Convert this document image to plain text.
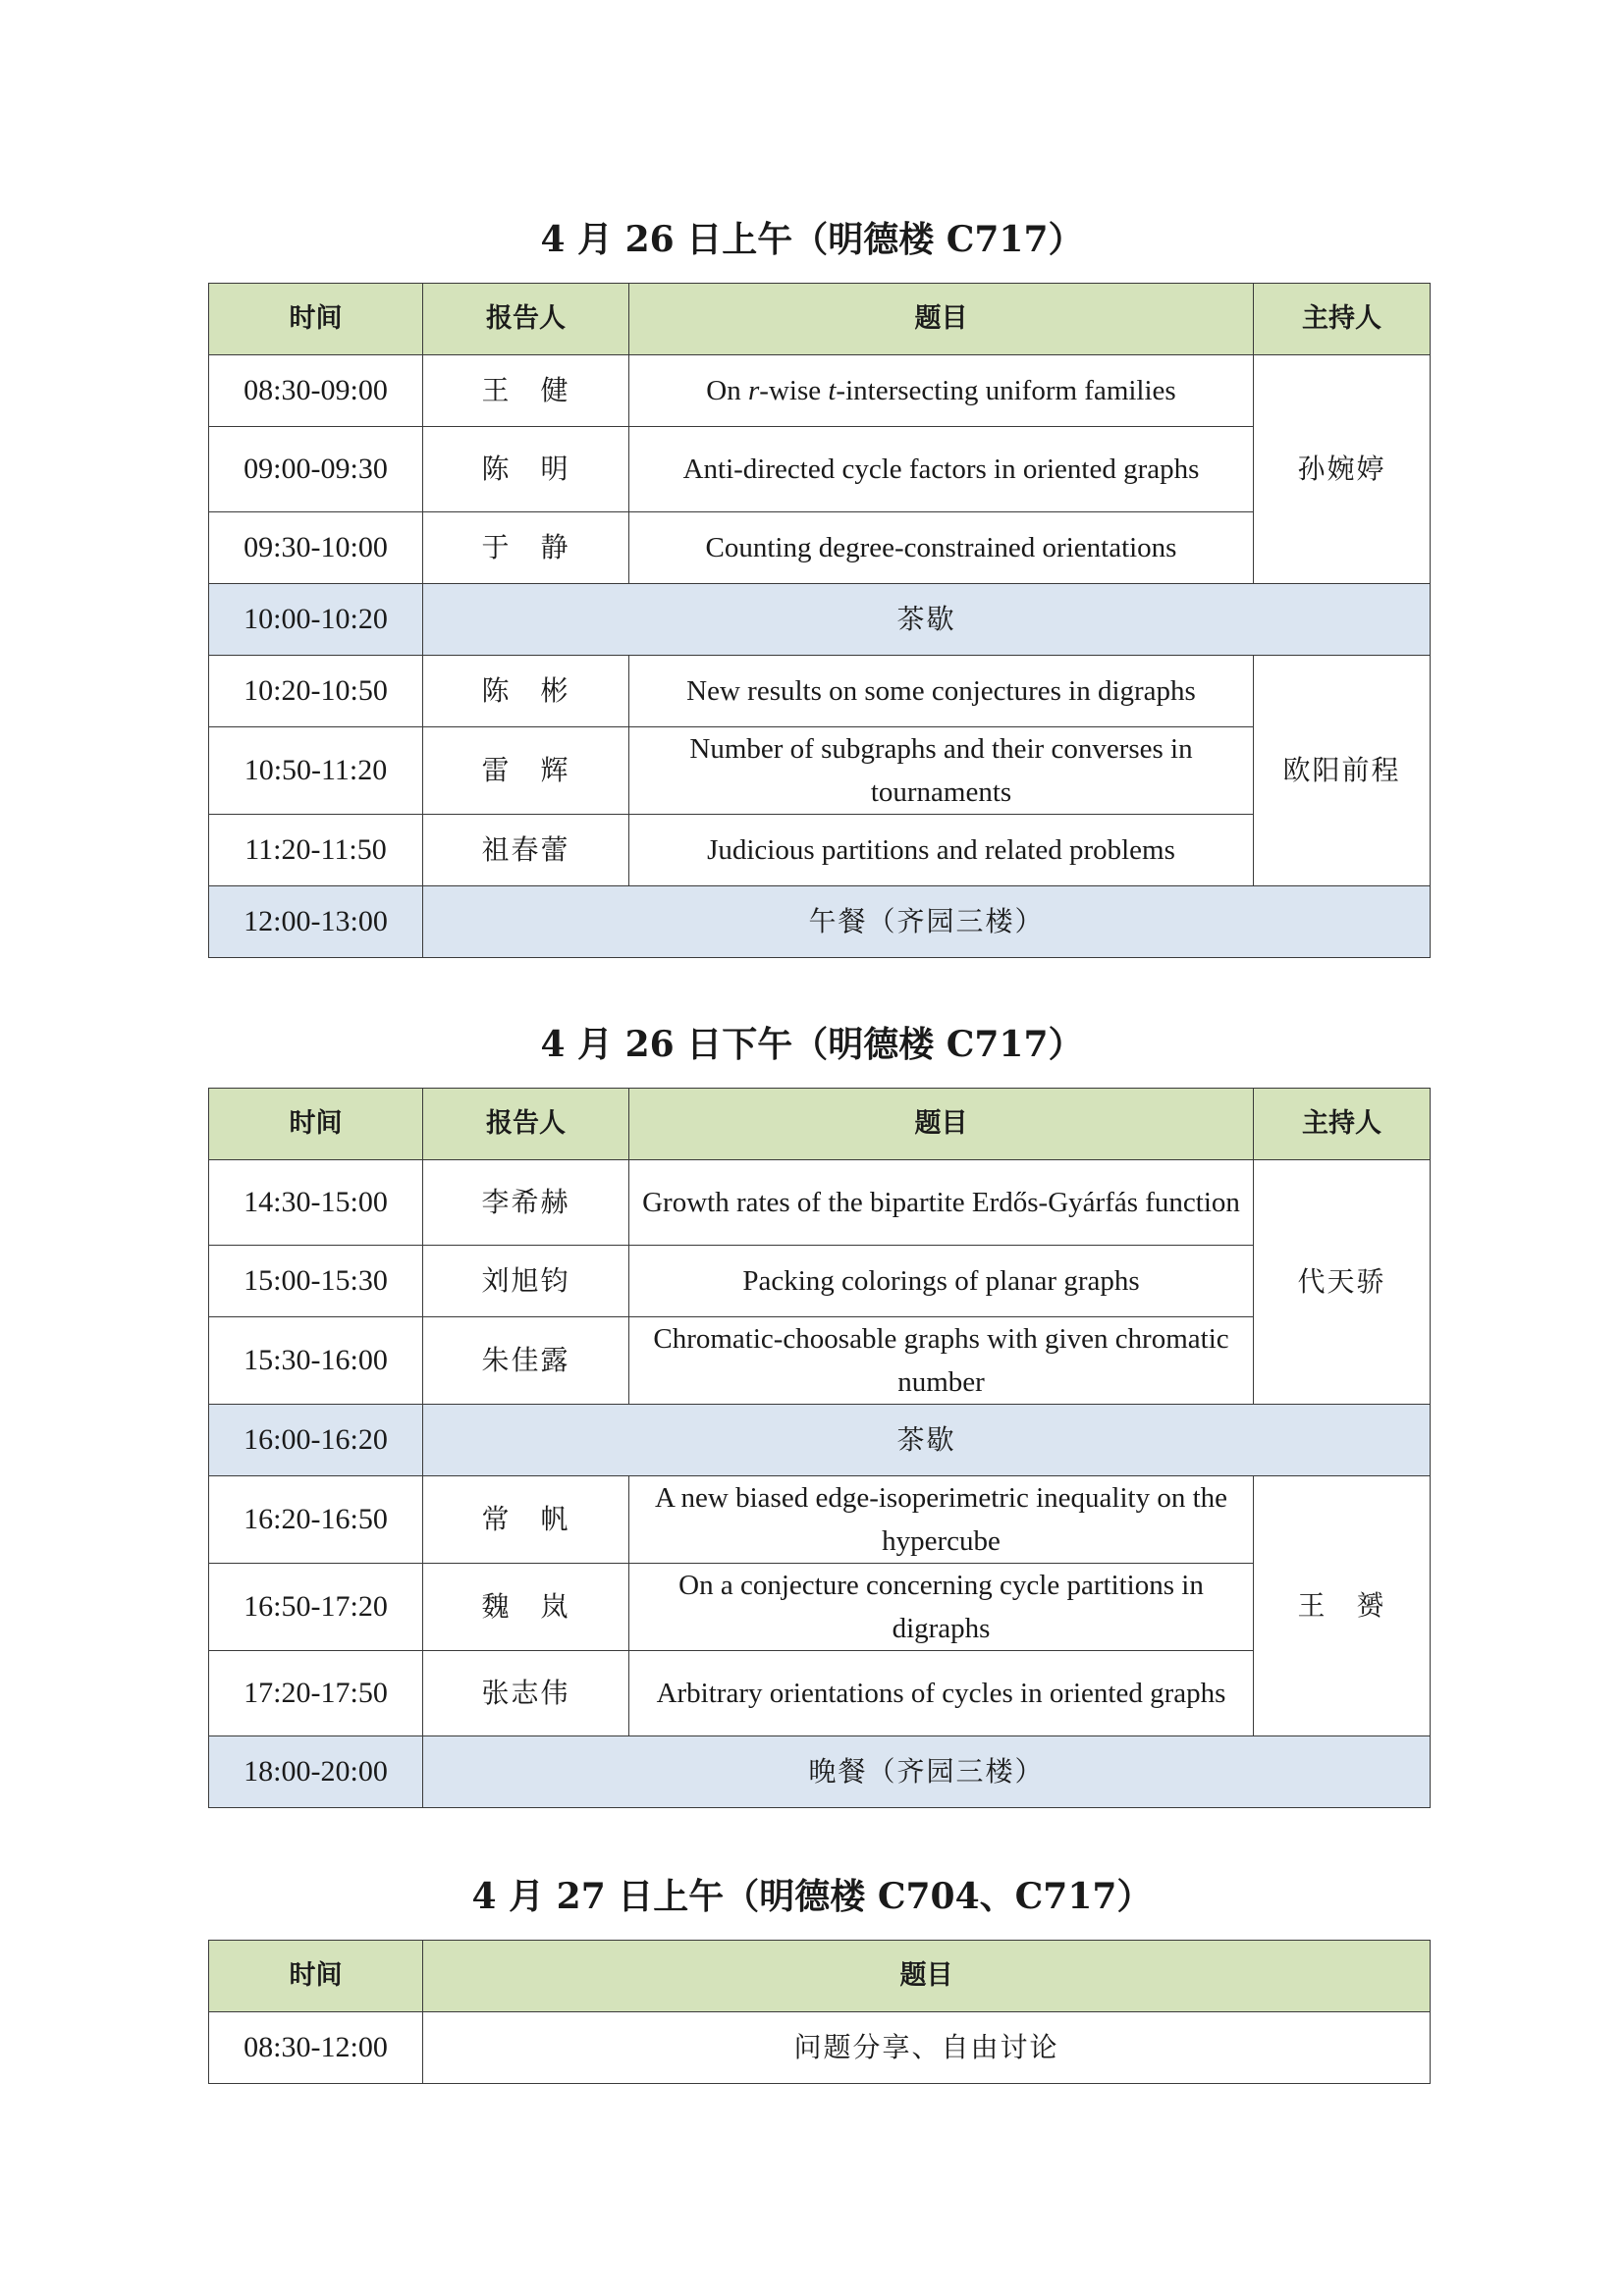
4 月 26 日上午（明德楼 C717）
时间	报告人	题目	主持人
08:30-09:00	王　健	On r-wise t-intersecting uniform families	孙婉婷
09:00-09:30	陈　明	Anti-directed cycle factors in oriented graphs	
09:30-10:00	于　静	Counting degree-constrained orientations	
10:00-10:20	茶歇		
10:20-10:50	陈　彬	New results on some conjectures in digraphs	欧阳前程
10:50-11:20	雷　辉	Number of subgraphs and their converses in tournaments	
11:20-11:50	祖春蕾	Judicious partitions and related problems	
12:00-13:00	午餐（齐园三楼）		
4 月 26 日下午（明德楼 C717）
时间	报告人	题目	主持人
14:30-15:00	李希赫	Growth rates of the bipartite Erdős-Gyárfás function	代天骄
15:00-15:30	刘旭钧	Packing colorings of planar graphs	
15:30-16:00	朱佳露	Chromatic-choosable graphs with given chromatic number	
16:00-16:20	茶歇		
16:20-16:50	常　帆	A new biased edge-isoperimetric inequality on the hypercube	王　赟
16:50-17:20	魏　岚	On a conjecture concerning cycle partitions in digraphs	
17:20-17:50	张志伟	Arbitrary orientations of cycles in oriented graphs	
18:00-20:00	晚餐（齐园三楼）		
4 月 27 日上午（明德楼 C704、C717）
时间	题目
08:30-12:00	问题分享、自由讨论
